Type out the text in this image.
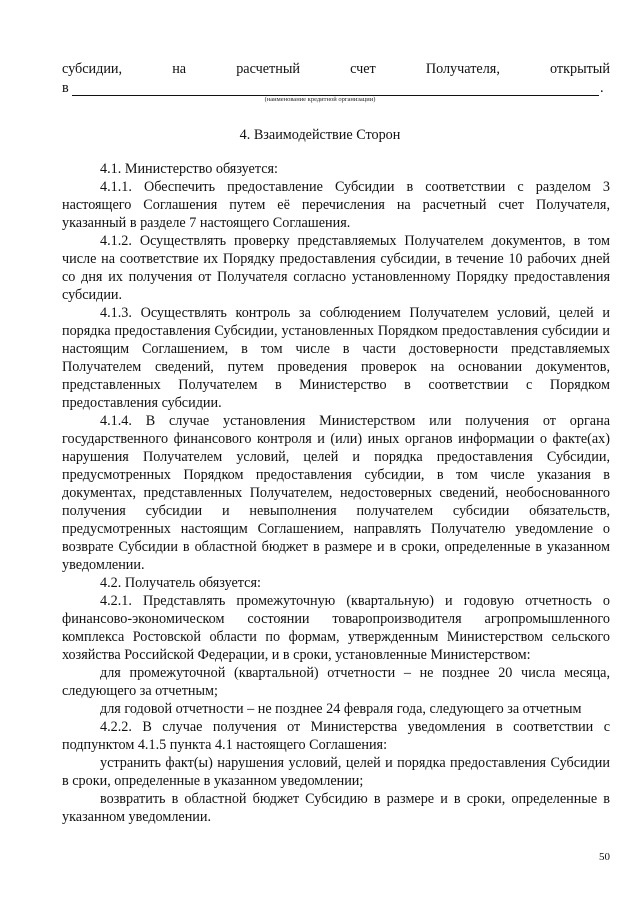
субсидии,	на	расчетный	счет	Получателя,	открытый
в	.
(наименование кредитной организации)
4. Взаимодействие Сторон

4.1. Министерство обязуется:

4.1.1. Обеспечить предоставление Субсидии в соответствии с разделом 3 настоящего Соглашения путем её перечисления на расчетный счет Получателя, указанный в разделе 7 настоящего Соглашения.

4.1.2. Осуществлять проверку представляемых Получателем документов, в том числе на соответствие их Порядку предоставления субсидии, в течение 10 рабочих дней со дня их получения от Получателя согласно установленному Порядку предоставления субсидии.

4.1.3. Осуществлять контроль за соблюдением Получателем условий, целей и порядка предоставления Субсидии, установленных Порядком предоставления субсидии и настоящим Соглашением, в том числе в части достоверности представляемых Получателем сведений, путем проведения проверок на основании документов, представленных Получателем в Министерство в соответствии с Порядком предоставления субсидии.

4.1.4. В случае установления Министерством или получения от органа государственного финансового контроля и (или) иных органов информации о факте(ах) нарушения Получателем условий, целей и порядка предоставления Субсидии, предусмотренных Порядком предоставления субсидии, в том числе указания в документах, представленных Получателем, недостоверных сведений, необоснованного получения субсидии и невыполнения получателем субсидии обязательств, предусмотренных настоящим Соглашением, направлять Получателю уведомление о возврате Субсидии в областной бюджет в размере и в сроки, определенные в указанном уведомлении.

4.2. Получатель обязуется:

4.2.1. Представлять промежуточную (квартальную) и годовую отчетность о финансово-экономическом состоянии товаропроизводителя агропромышленного комплекса Ростовской области по формам, утвержденным Министерством сельского хозяйства Российской Федерации, и в сроки, установленные Министерством:

для промежуточной (квартальной) отчетности – не позднее 20 числа месяца, следующего за отчетным;

для годовой отчетности – не позднее 24 февраля года, следующего за отчетным

4.2.2. В случае получения от Министерства уведомления в соответствии с подпунктом 4.1.5 пункта 4.1 настоящего Соглашения:

устранить факт(ы) нарушения условий, целей и порядка предоставления Субсидии в сроки, определенные в указанном уведомлении;

возвратить в областной бюджет Субсидию в размере и в сроки, определенные в указанном уведомлении.

50
